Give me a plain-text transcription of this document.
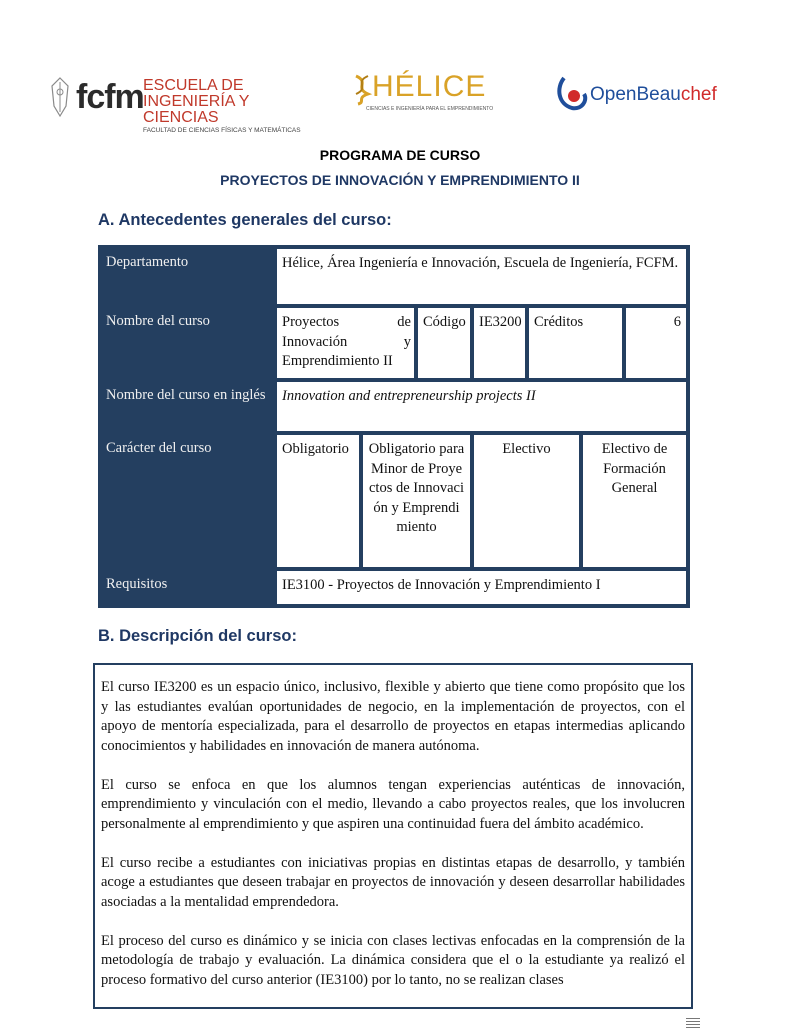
fcfm ESCUELA DE
INGENIERÍA Y CIENCIAS
FACULTAD DE CIENCIAS FÍSICAS Y MATEMÁTICAS
HÉLICE
CIENCIAS E INGENIERÍA PARA EL EMPRENDIMIENTO
OpenBeauchef
PROGRAMA DE CURSO
PROYECTOS DE INNOVACIÓN Y EMPRENDIMIENTO II
A. Antecedentes generales del curso:
Departamento	Hélice, Área Ingeniería e Innovación, Escuela de Ingeniería, FCFM.						
Nombre del curso	Proyectos de Innovación y Emprendimiento II		Código	IE3200	Créditos		6
Nombre del curso en inglés	Innovation and entrepreneurship projects II						
Carácter del curso	Obligatorio	Obligatorio para Minor de Proyectos de Innovación y Emprendimiento		Electivo		Electivo de Formación General	
Requisitos	IE3100 - Proyectos de Innovación y Emprendimiento I						
B. Descripción del curso:

El curso IE3200 es un espacio único, inclusivo, flexible y abierto que tiene como propósito que los y las estudiantes evalúan oportunidades de negocio, en la implementación de proyectos, con el apoyo de mentoría especializada, para el desarrollo de proyectos en etapas intermedias aplicando conocimientos y habilidades en innovación de manera autónoma.

El curso se enfoca en que los alumnos tengan experiencias auténticas de innovación, emprendimiento y vinculación con el medio, llevando a cabo proyectos reales, que los involucren personalmente al emprendimiento y que aspiren una continuidad fuera del ámbito académico.

El curso recibe a estudiantes con iniciativas propias en distintas etapas de desarrollo, y también acoge a estudiantes que deseen trabajar en proyectos de innovación y deseen desarrollar habilidades asociadas a la mentalidad emprendedora.

El proceso del curso es dinámico y se inicia con clases lectivas enfocadas en la comprensión de la metodología de trabajo y evaluación. La dinámica considera que el o la estudiante ya realizó el proceso formativo del curso anterior (IE3100) por lo tanto, no se realizan clases
